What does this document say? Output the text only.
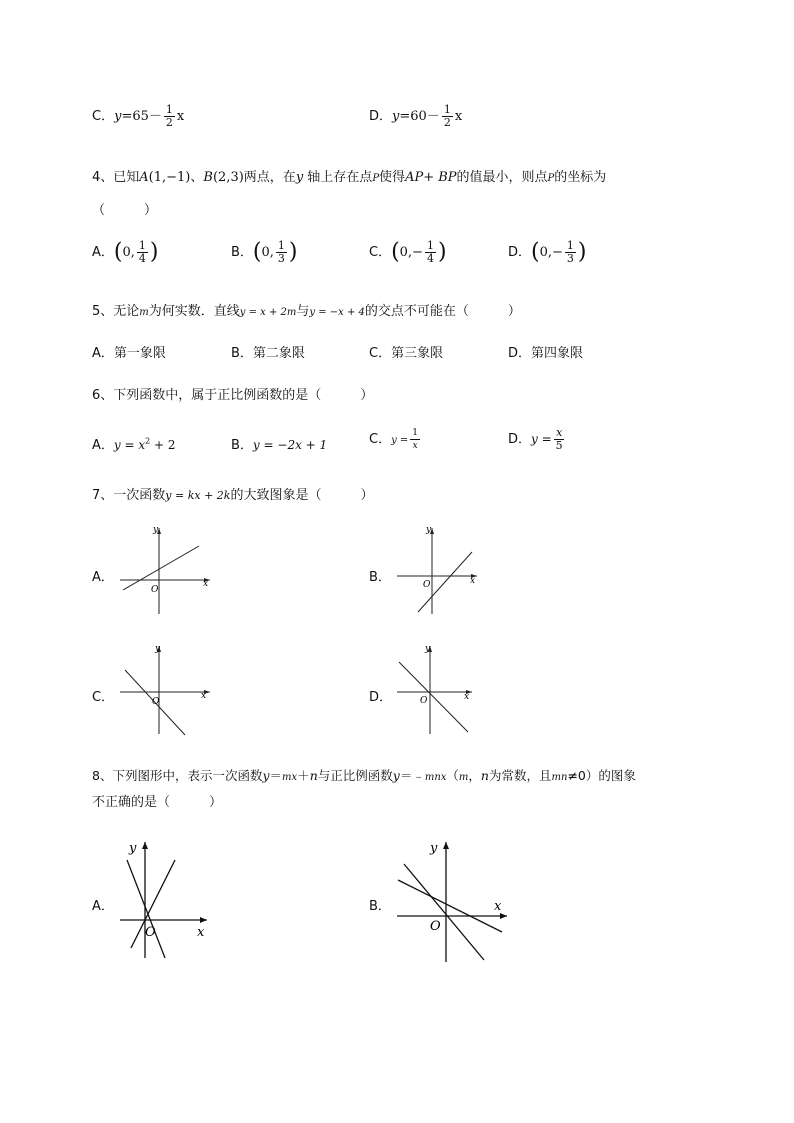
C．$y=65- \frac{1}{2}$ x	D．$y=60- \frac{1}{2}$ x
4、已知A(1,−1)、B(2,3)两点，在y 轴上存在点P使得AP+ BP的值最小，则点P的坐标为
（　　　）
A．(0, $\frac{1}{4}$ )	B．(0, $\frac{1}{3}$ )	C．($0,- \frac{1}{4}$ )	D．($0,- \frac{1}{3}$ )
5、无论m为何实数．直线y = x + 2m与y = −x + 4的交点不可能在（　　　）
A．第一象限	B．第二象限	C．第三象限	D．第四象限
6、下列函数中，属于正比例函数的是（　　　）
A．$y = x^2 + 2$	B．y = −2x + 1	C．$y = \frac{1}{x}$	D．$y = \frac{x}{5}$
7、一次函数y = kx + 2k的大致图象是（　　　）
A．	x
y
O
B．	x
y
O
C．	x
y
O	D．	x
y
O
8、下列图形中，表示一次函数y＝mx＋n与正比例函数y＝﹣mnx（m，n为常数，且mn≠0）的图象
不正确的是（　　　）
A．
x
y
O
B．	x
y
O
